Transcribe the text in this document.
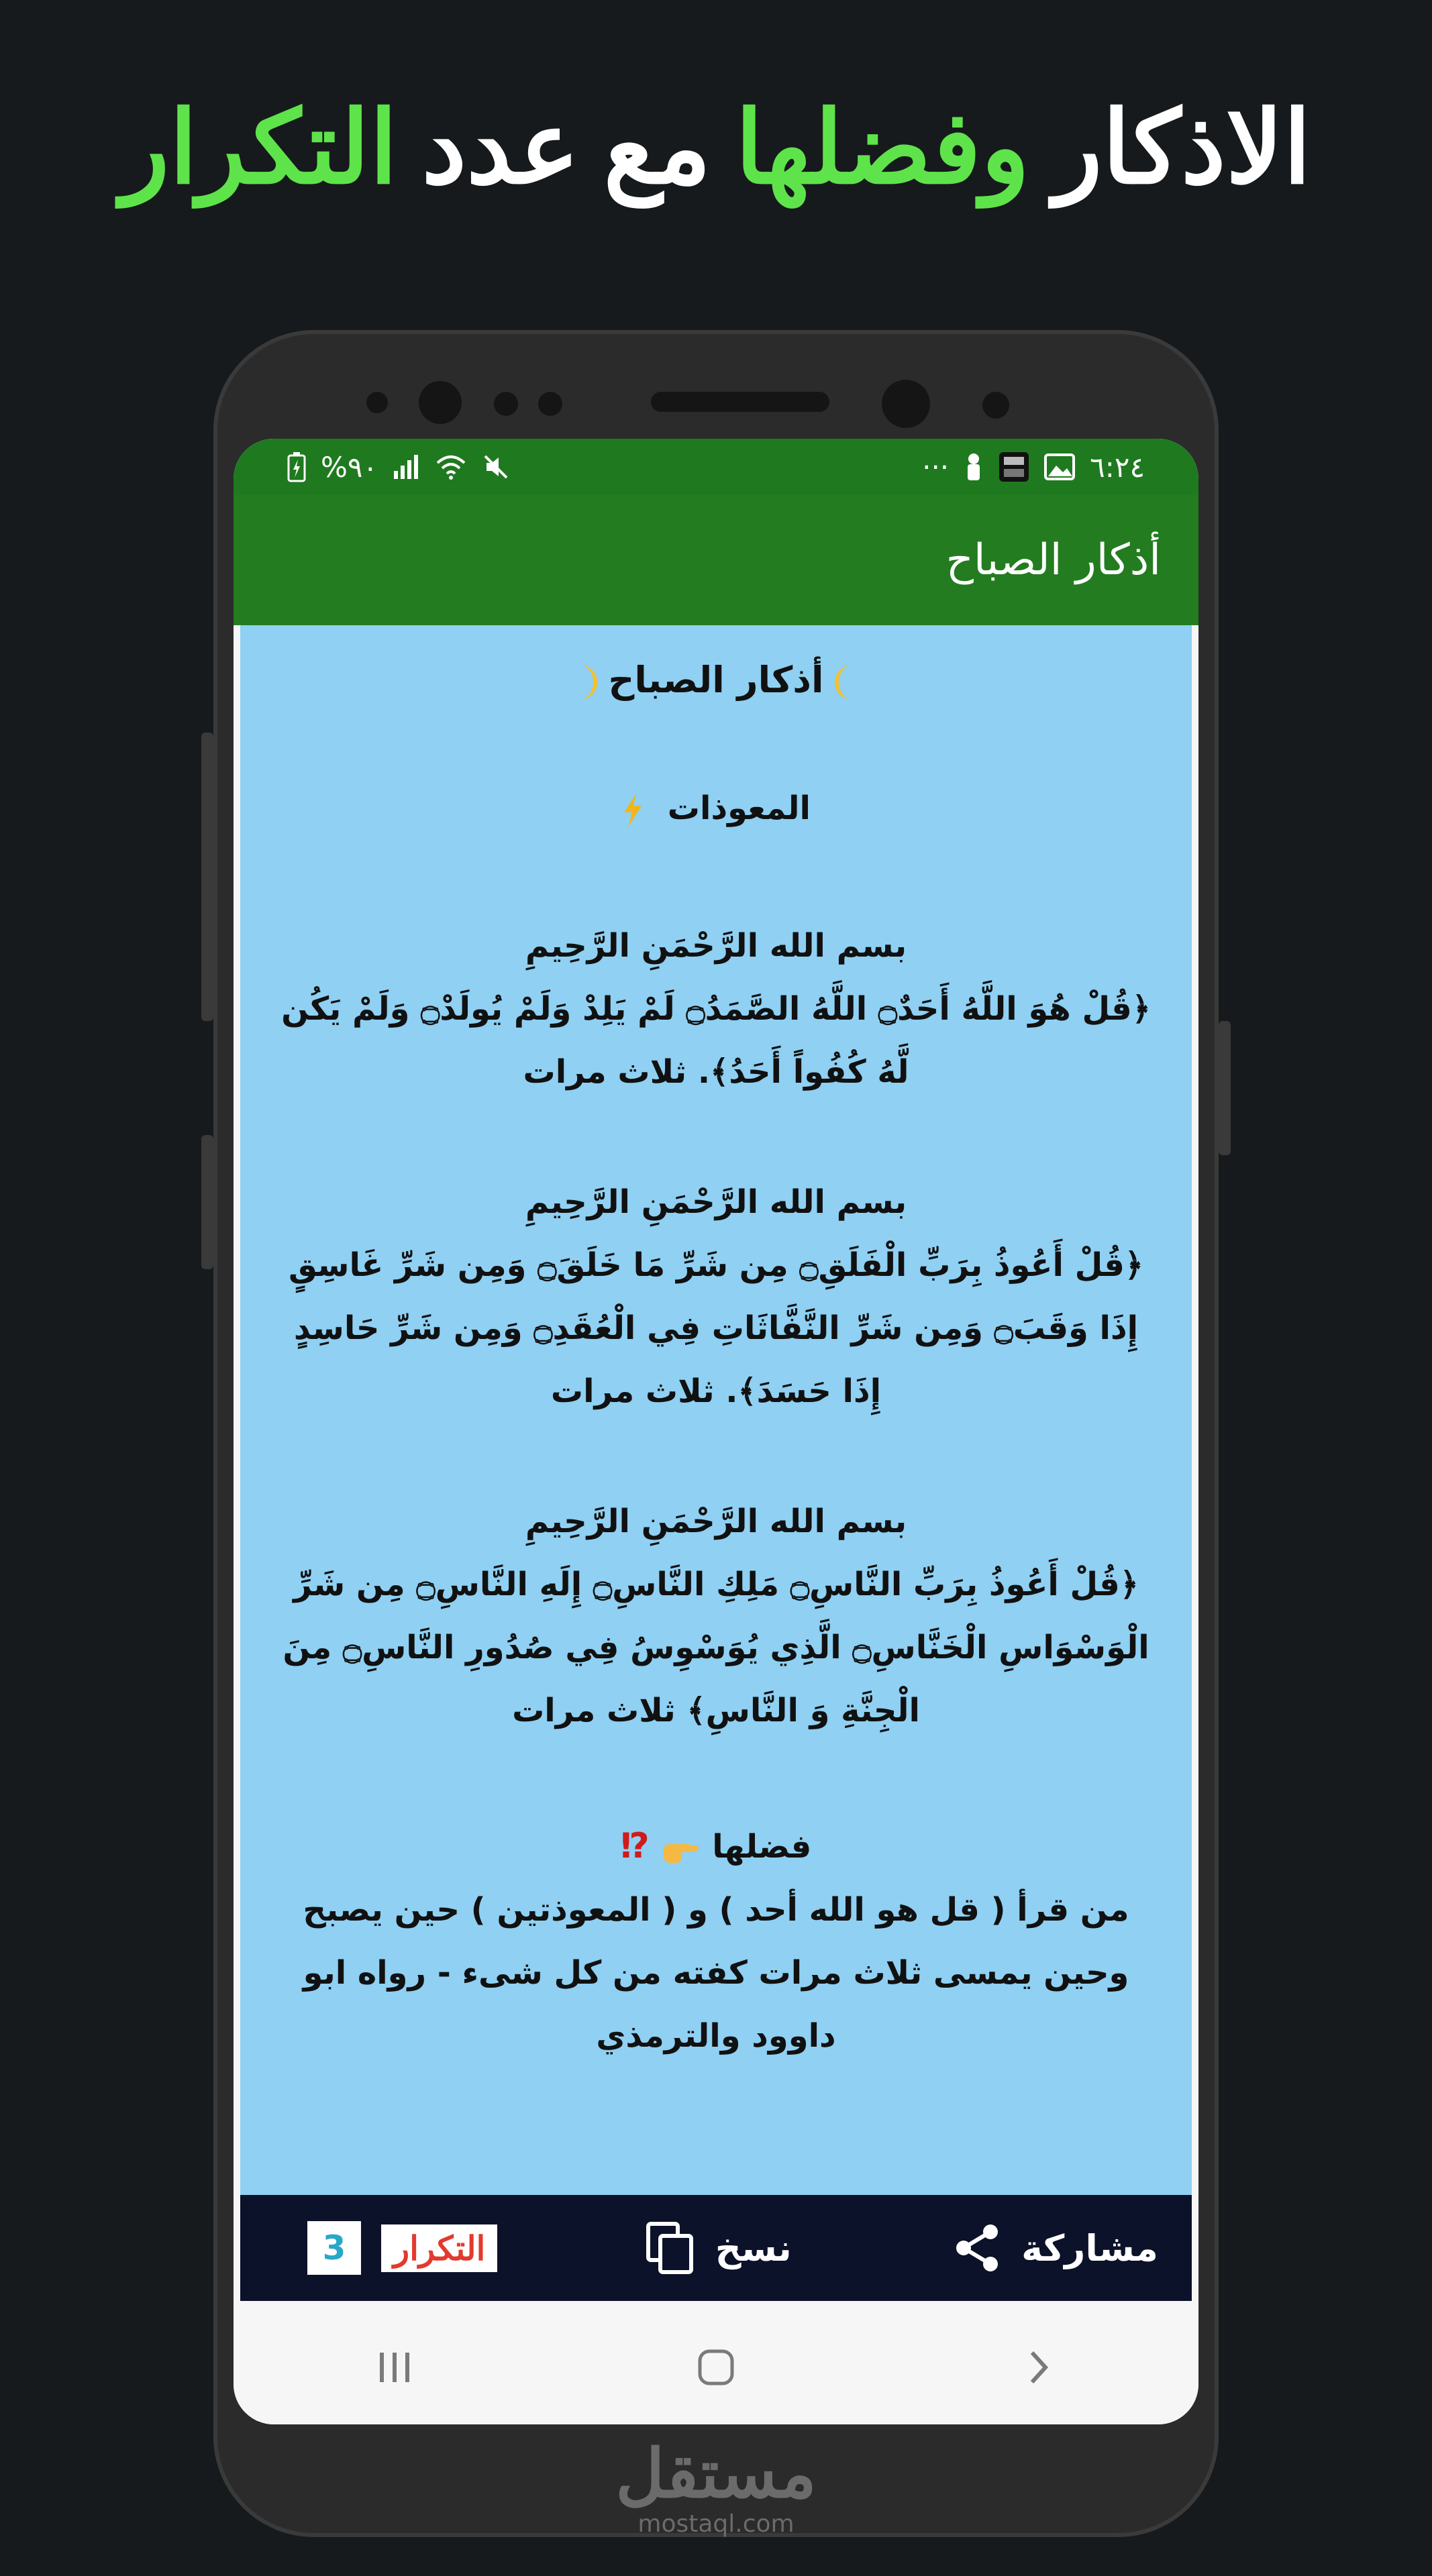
الاذكار
وفضلها
مع
عدد
التكرار
%٩٠	···	٦:٢٤
أذكار الصباح
أذكار الصباح
المعوذات
بسم الله الرَّحْمَنِ الرَّحِيمِ
﴿قُلْ هُوَ اللَّهُ أَحَدٌ۝ اللَّهُ الصَّمَدُ۝ لَمْ يَلِدْ وَلَمْ يُولَدْ۝ وَلَمْ يَكُن لَّهُ كُفُواً أَحَدُ﴾. ثلاث مرات
بسم الله الرَّحْمَنِ الرَّحِيمِ
﴿قُلْ أَعُوذُ بِرَبِّ الْفَلَقِ۝ مِن شَرِّ مَا خَلَقَ۝ وَمِن شَرِّ غَاسِقٍ إِذَا وَقَبَ۝ وَمِن شَرِّ النَّفَّاثَاتِ فِي الْعُقَدِ۝ وَمِن شَرِّ حَاسِدٍ إِذَا حَسَدَ﴾. ثلاث مرات
بسم الله الرَّحْمَنِ الرَّحِيمِ
﴿قُلْ أَعُوذُ بِرَبِّ النَّاسِ۝ مَلِكِ النَّاسِ۝ إِلَهِ النَّاسِ۝ مِن شَرِّ الْوَسْوَاسِ الْخَنَّاسِ۝ الَّذِي يُوَسْوِسُ فِي صُدُورِ النَّاسِ۝ مِنَ الْجِنَّةِ وَ النَّاسِ﴾ ثلاث مرات
فضلها  ⁉
من قرأ ( قل هو الله أحد ) و ( المعوذتين ) حين يصبح وحين يمسى ثلاث مرات كفته من كل شىء - رواه ابو داوود والترمذي
3	التكرار	نسخ	مشاركة
مستقل
mostaql.com
